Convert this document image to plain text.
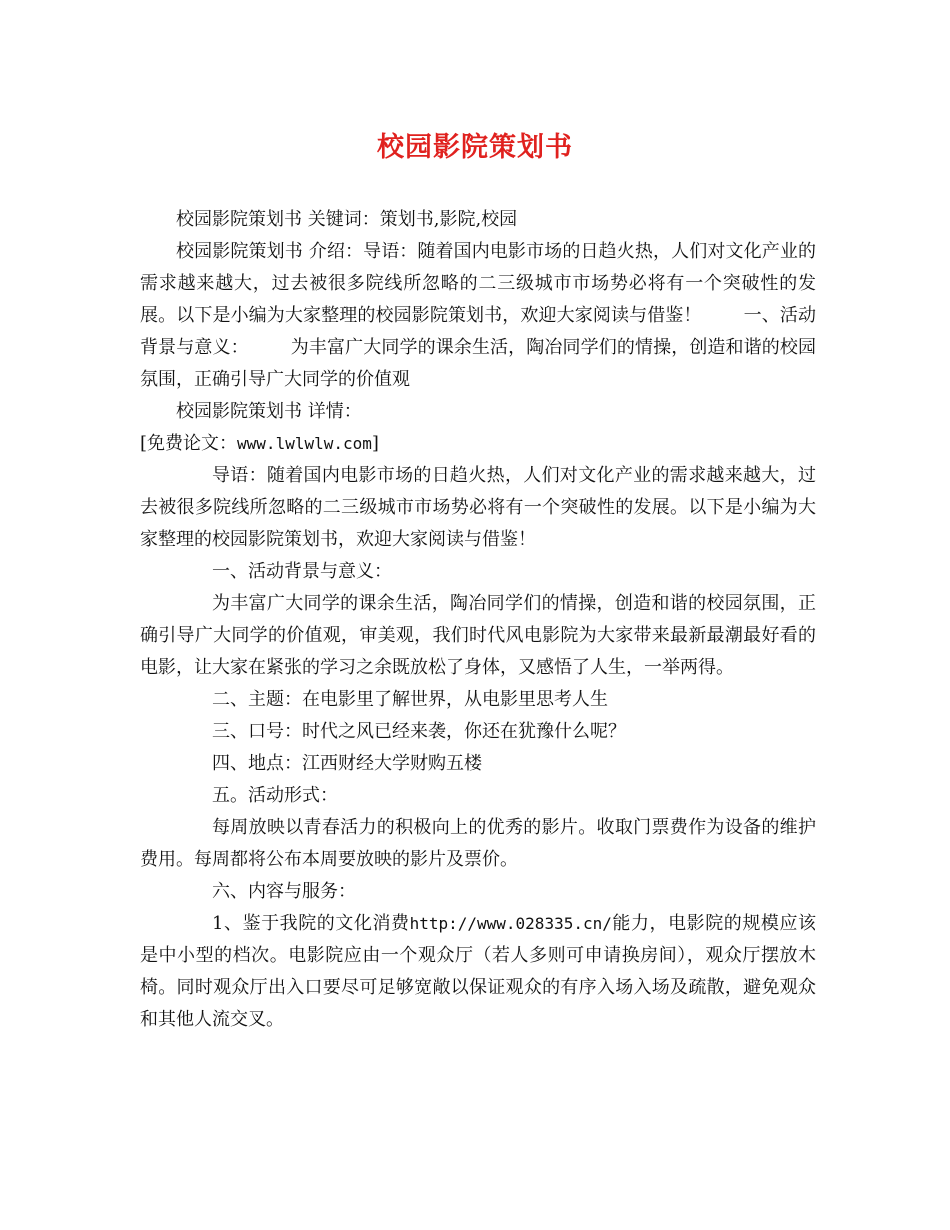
校园影院策划书

校园影院策划书 关键词：策划书,影院,校园

校园影院策划书 介绍：导语：随着国内电影市场的日趋火热，人们对文化产业的需求越来越大，过去被很多院线所忽略的二三级城市市场势必将有一个突破性的发展。以下是小编为大家整理的校园影院策划书，欢迎大家阅读与借鉴！ 一、活动背景与意义： 为丰富广大同学的课余生活，陶冶同学们的情操，创造和谐的校园氛围，正确引导广大同学的价值观

校园影院策划书 详情：

[免费论文：www.lwlwlw.com]

导语：随着国内电影市场的日趋火热，人们对文化产业的需求越来越大，过去被很多院线所忽略的二三级城市市场势必将有一个突破性的发展。以下是小编为大家整理的校园影院策划书，欢迎大家阅读与借鉴！

一、活动背景与意义：

为丰富广大同学的课余生活，陶冶同学们的情操，创造和谐的校园氛围，正确引导广大同学的价值观，审美观，我们时代风电影院为大家带来最新最潮最好看的电影，让大家在紧张的学习之余既放松了身体，又感悟了人生，一举两得。

二、主题：在电影里了解世界，从电影里思考人生

三、口号：时代之风已经来袭，你还在犹豫什么呢？

四、地点：江西财经大学财购五楼

五。活动形式：

每周放映以青春活力的积极向上的优秀的影片。收取门票费作为设备的维护费用。每周都将公布本周要放映的影片及票价。

六、内容与服务：

1、鉴于我院的文化消费http://www.028335.cn/能力，电影院的规模应该是中小型的档次。电影院应由一个观众厅（若人多则可申请换房间），观众厅摆放木椅。同时观众厅出入口要尽可足够宽敞以保证观众的有序入场入场及疏散，避免观众和其他人流交叉。
